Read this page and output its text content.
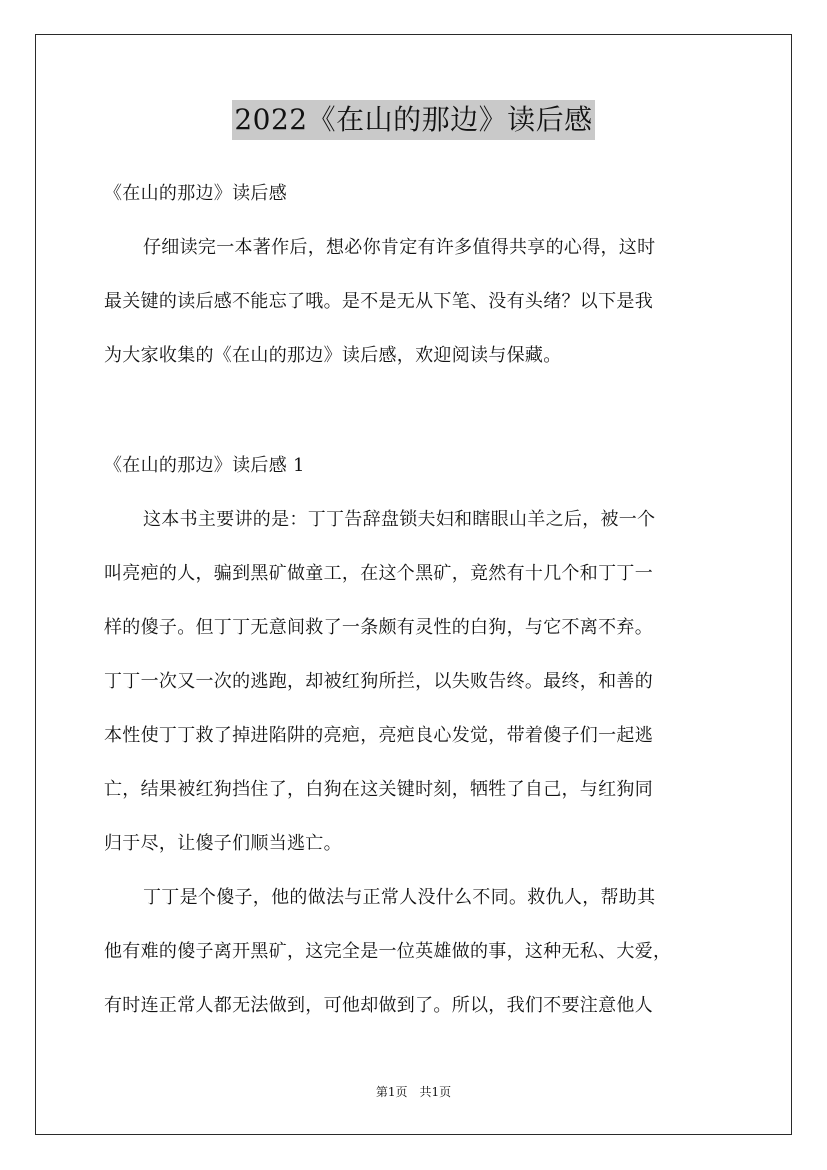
2022《在山的那边》读后感
《在山的那边》读后感
仔细读完一本著作后，想必你肯定有许多值得共享的心得，这时
最关键的读后感不能忘了哦。是不是无从下笔、没有头绪？以下是我
为大家收集的《在山的那边》读后感，欢迎阅读与保藏。
《在山的那边》读后感 1
这本书主要讲的是：丁丁告辞盘锁夫妇和瞎眼山羊之后，被一个
叫亮疤的人，骗到黑矿做童工，在这个黑矿，竟然有十几个和丁丁一
样的傻子。但丁丁无意间救了一条颇有灵性的白狗，与它不离不弃。
丁丁一次又一次的逃跑，却被红狗所拦，以失败告终。最终，和善的
本性使丁丁救了掉进陷阱的亮疤，亮疤良心发觉，带着傻子们一起逃
亡，结果被红狗挡住了，白狗在这关键时刻，牺牲了自己，与红狗同
归于尽，让傻子们顺当逃亡。
丁丁是个傻子，他的做法与正常人没什么不同。救仇人，帮助其
他有难的傻子离开黑矿，这完全是一位英雄做的事，这种无私、大爱，
有时连正常人都无法做到，可他却做到了。所以，我们不要注意他人
第1页 共1页
